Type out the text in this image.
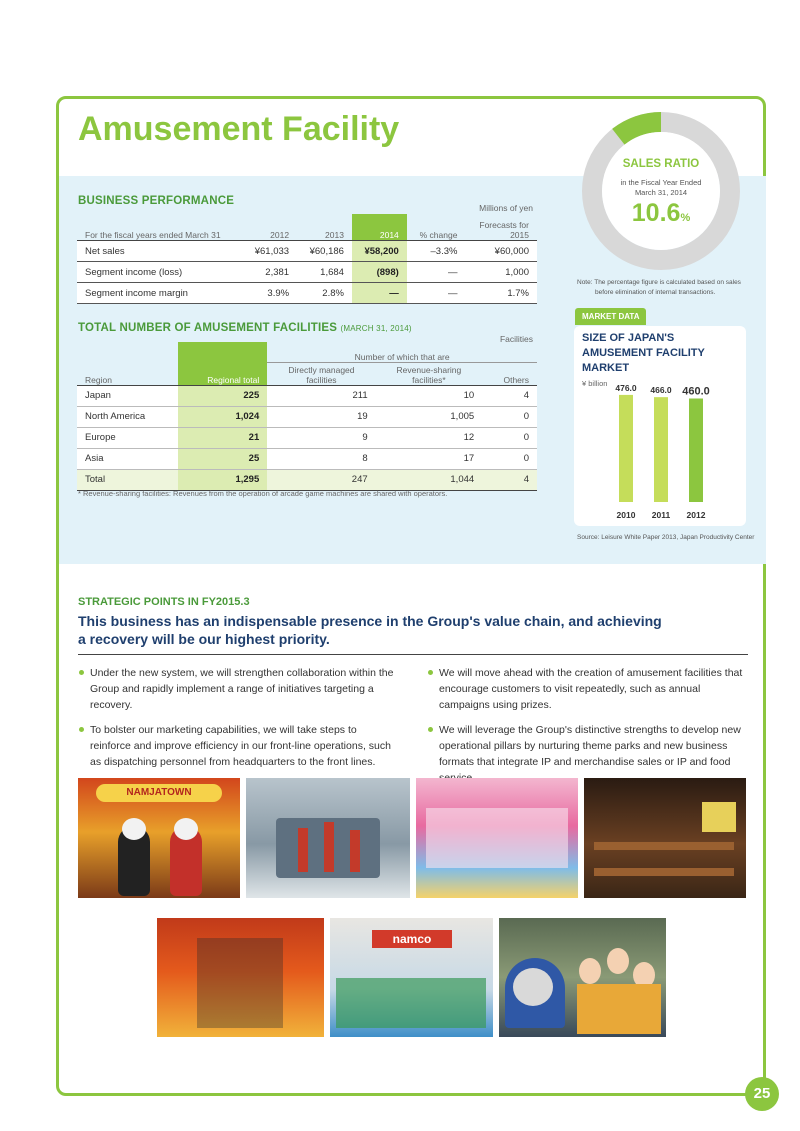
Amusement Facility
BUSINESS PERFORMANCE
Millions of yen
For the fiscal years ended March 31	2012	2013	2014	% change	Forecasts for
2015
Net sales	¥61,033	¥60,186	¥58,200	–3.3%	¥60,000
Segment income (loss)	2,381	1,684	(898)	—	1,000
Segment income margin	3.9%	2.8%	—	—	1.7%
TOTAL NUMBER OF AMUSEMENT FACILITIES (MARCH 31, 2014)
Facilities
		Number of which that are		
Region	Regional total	Directly managed
facilities	Revenue-sharing
facilities*	Others
Japan	225	211	10	4
North America	1,024	19	1,005	0
Europe	21	9	12	0
Asia	25	8	17	0
Total	1,295	247	1,044	4
* Revenue-sharing facilities: Revenues from the operation of arcade game machines are shared with operators.
SALES RATIO
in the Fiscal Year Ended
March 31, 2014
10.6%
Note: The percentage figure is calculated based on sales
before elimination of internal transactions.
MARKET DATA
SIZE OF JAPAN'S
AMUSEMENT FACILITY
MARKET
¥ billion 476.0
2010
466.0
2011
460.0
2012
Source: Leisure White Paper 2013, Japan Productivity Center
STRATEGIC POINTS IN FY2015.3
This business has an indispensable presence in the Group's value chain, and achieving
a recovery will be our highest priority.
Under the new system, we will strengthen collaboration within the Group and rapidly implement a range of initiatives targeting a recovery.
To bolster our marketing capabilities, we will take steps to reinforce and improve efficiency in our front-line operations, such as dispatching personnel from headquarters to the front lines.
We will move ahead with the creation of amusement facilities that encourage customers to visit repeatedly, such as annual campaigns using prizes.
We will leverage the Group's distinctive strengths to develop new operational pillars by nurturing theme parks and new business formats that integrate IP and merchandise sales or IP and food
NAMJATOWN
namco
25
